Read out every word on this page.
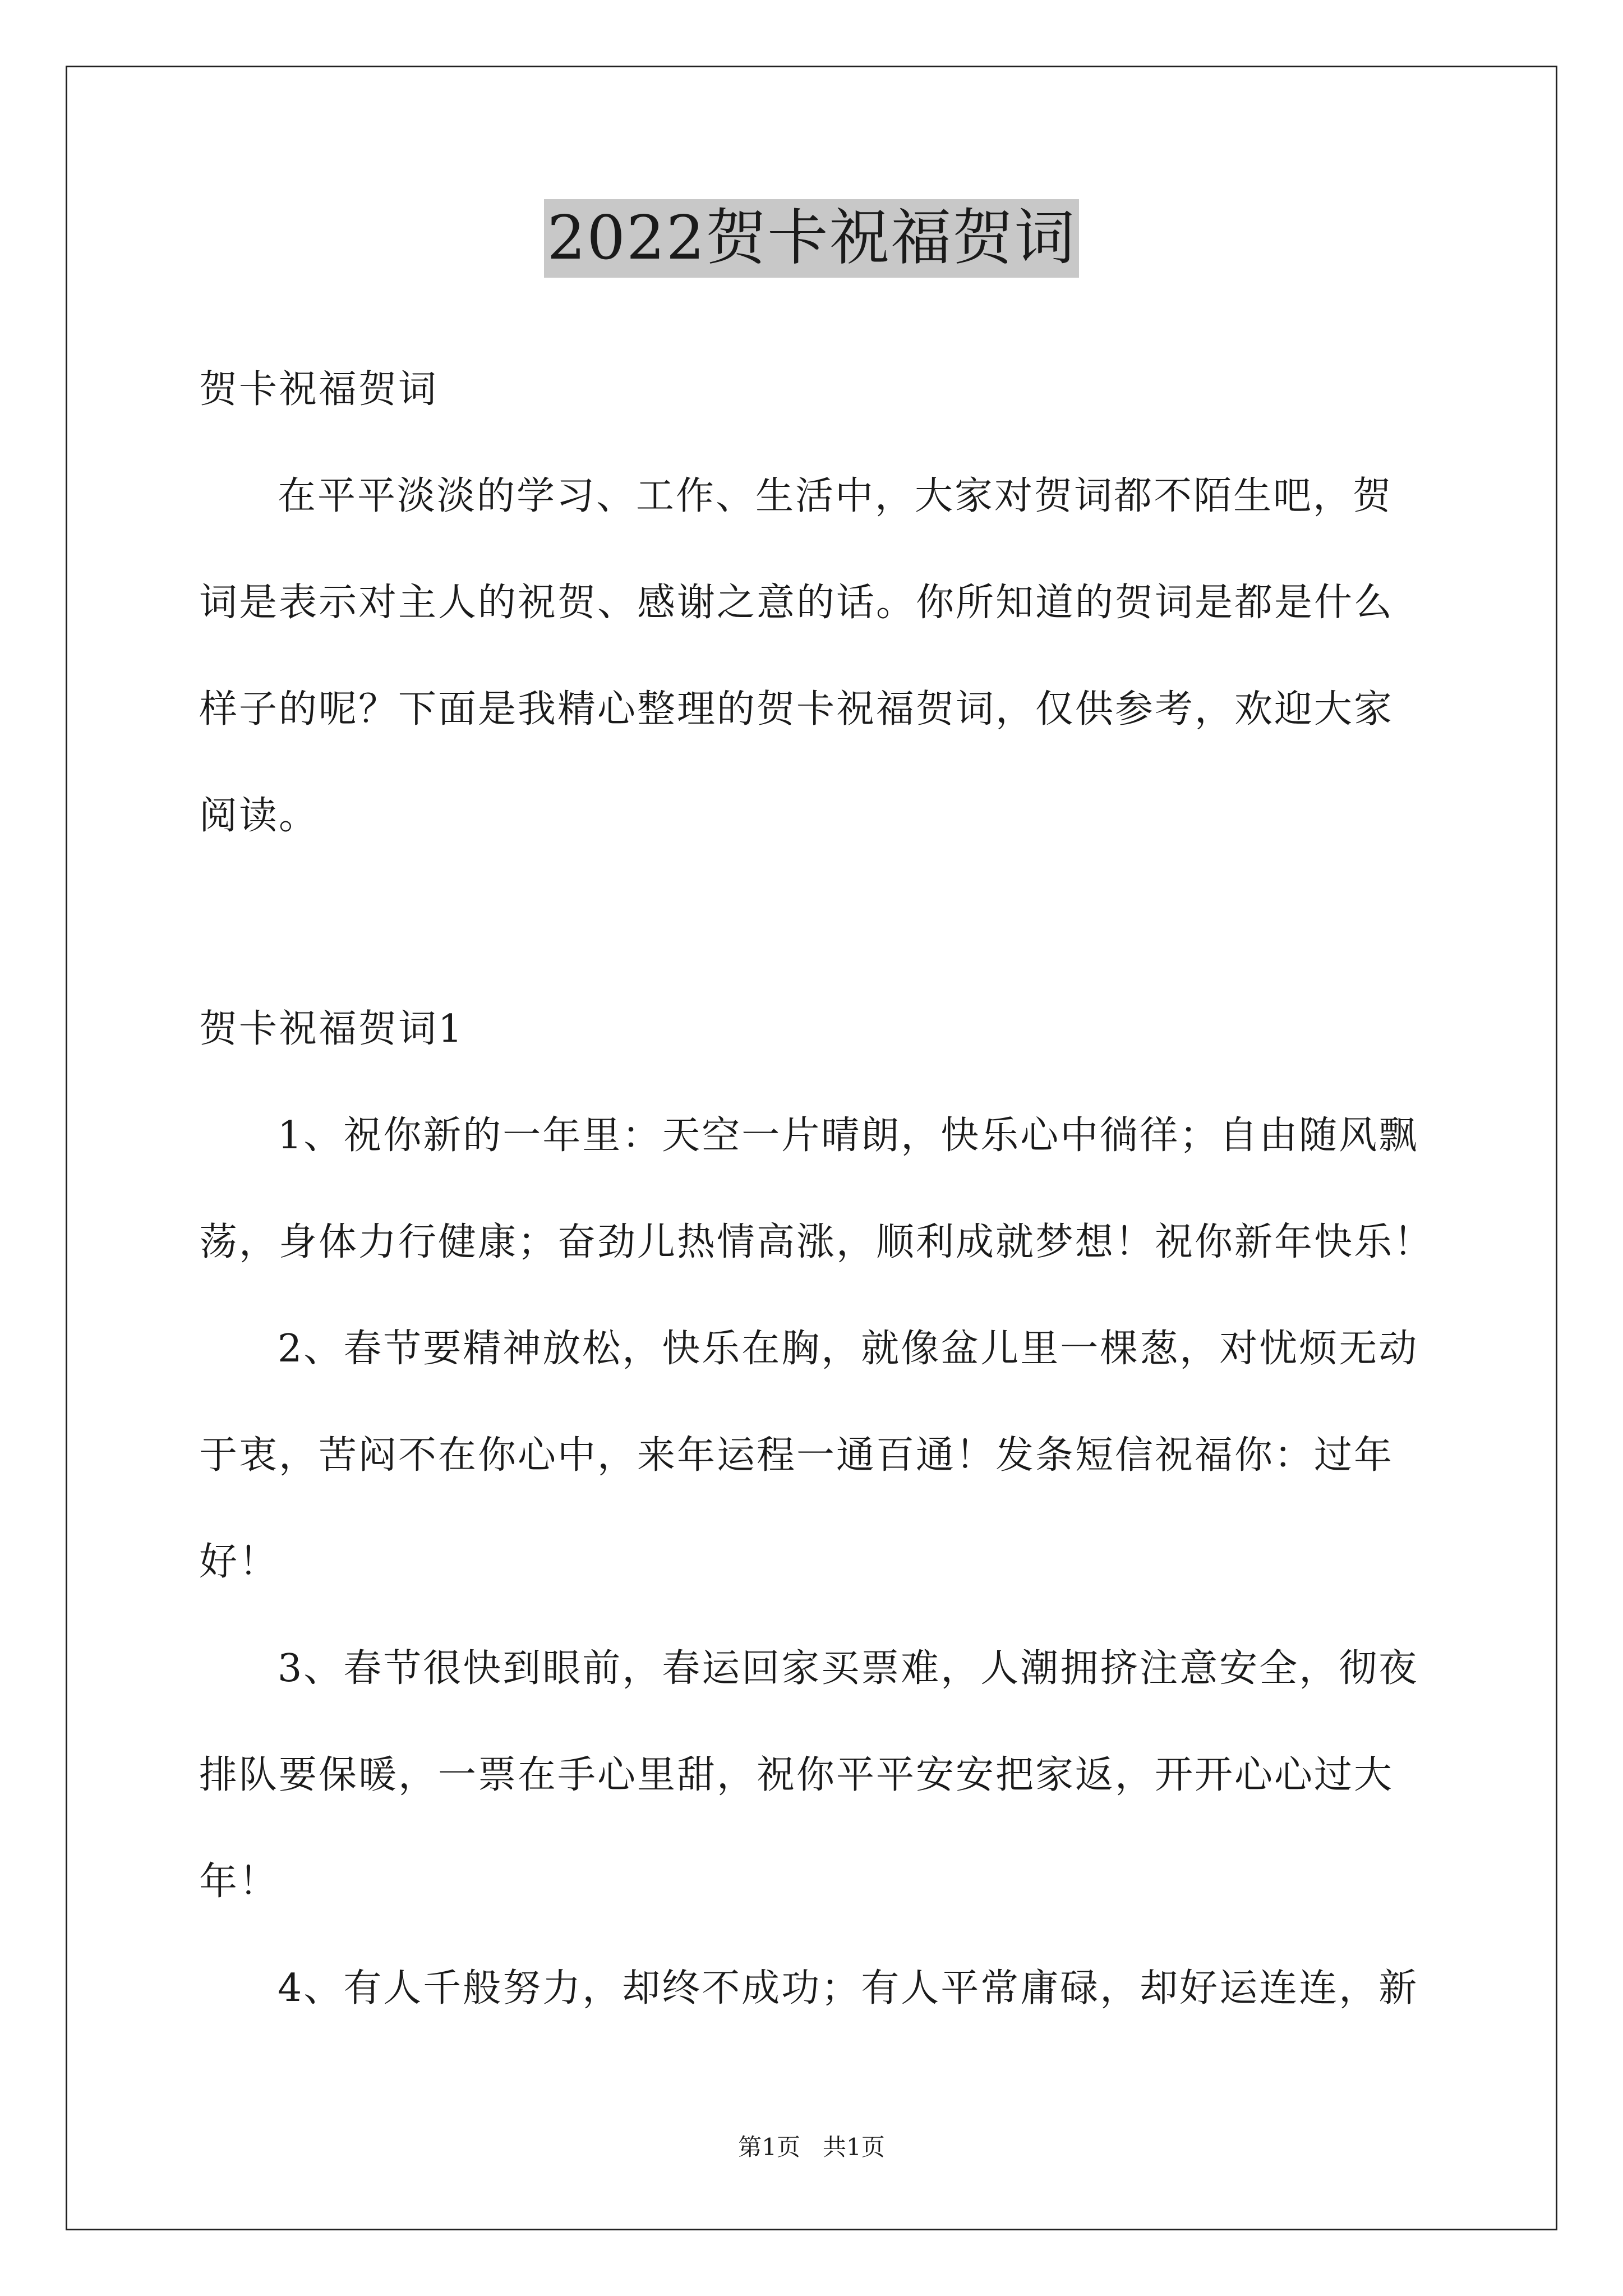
2022贺卡祝福贺词
贺卡祝福贺词
在平平淡淡的学习、工作、生活中，大家对贺词都不陌生吧，贺
词是表示对主人的祝贺、感谢之意的话。你所知道的贺词是都是什么
样子的呢？下面是我精心整理的贺卡祝福贺词，仅供参考，欢迎大家
阅读。
贺卡祝福贺词1
1、祝你新的一年里：天空一片晴朗，快乐心中徜徉；自由随风飘
荡，身体力行健康；奋劲儿热情高涨，顺利成就梦想！祝你新年快乐！
2、春节要精神放松，快乐在胸，就像盆儿里一棵葱，对忧烦无动
于衷，苦闷不在你心中，来年运程一通百通！发条短信祝福你：过年
好！
3、春节很快到眼前，春运回家买票难，人潮拥挤注意安全，彻夜
排队要保暖，一票在手心里甜，祝你平平安安把家返，开开心心过大
年！
4、有人千般努力，却终不成功；有人平常庸碌，却好运连连，新
第1页   共1页
